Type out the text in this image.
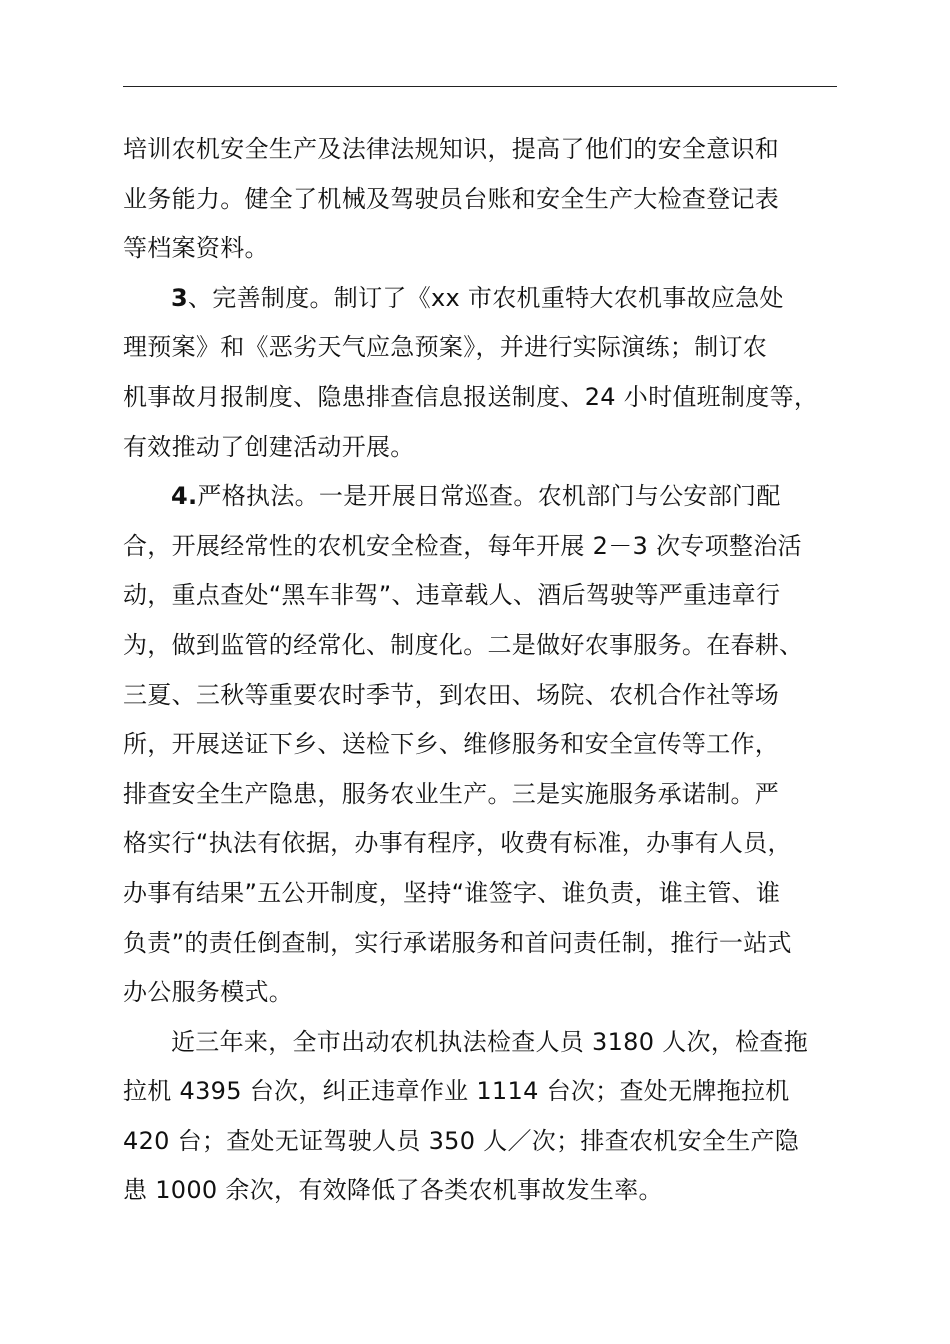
培训农机安全生产及法律法规知识，提高了他们的安全意识和
业务能力。健全了机械及驾驶员台账和安全生产大检查登记表
等档案资料。
3、完善制度。制订了《xx 市农机重特大农机事故应急处
理预案》和《恶劣天气应急预案》，并进行实际演练；制订农
机事故月报制度、隐患排查信息报送制度、24 小时值班制度等，
有效推动了创建活动开展。
4.严格执法。一是开展日常巡查。农机部门与公安部门配
合，开展经常性的农机安全检查，每年开展 2－3 次专项整治活
动，重点查处“黑车非驾”、违章载人、酒后驾驶等严重违章行
为，做到监管的经常化、制度化。二是做好农事服务。在春耕、
三夏、三秋等重要农时季节，到农田、场院、农机合作社等场
所，开展送证下乡、送检下乡、维修服务和安全宣传等工作，
排查安全生产隐患，服务农业生产。三是实施服务承诺制。严
格实行“执法有依据，办事有程序，收费有标准，办事有人员，
办事有结果”五公开制度，坚持“谁签字、谁负责，谁主管、谁
负责”的责任倒查制，实行承诺服务和首问责任制，推行一站式
办公服务模式。
近三年来，全市出动农机执法检查人员 3180 人次，检查拖
拉机 4395 台次，纠正违章作业 1114 台次；查处无牌拖拉机
420 台；查处无证驾驶人员 350 人／次；排查农机安全生产隐
患 1000 余次，有效降低了各类农机事故发生率。
